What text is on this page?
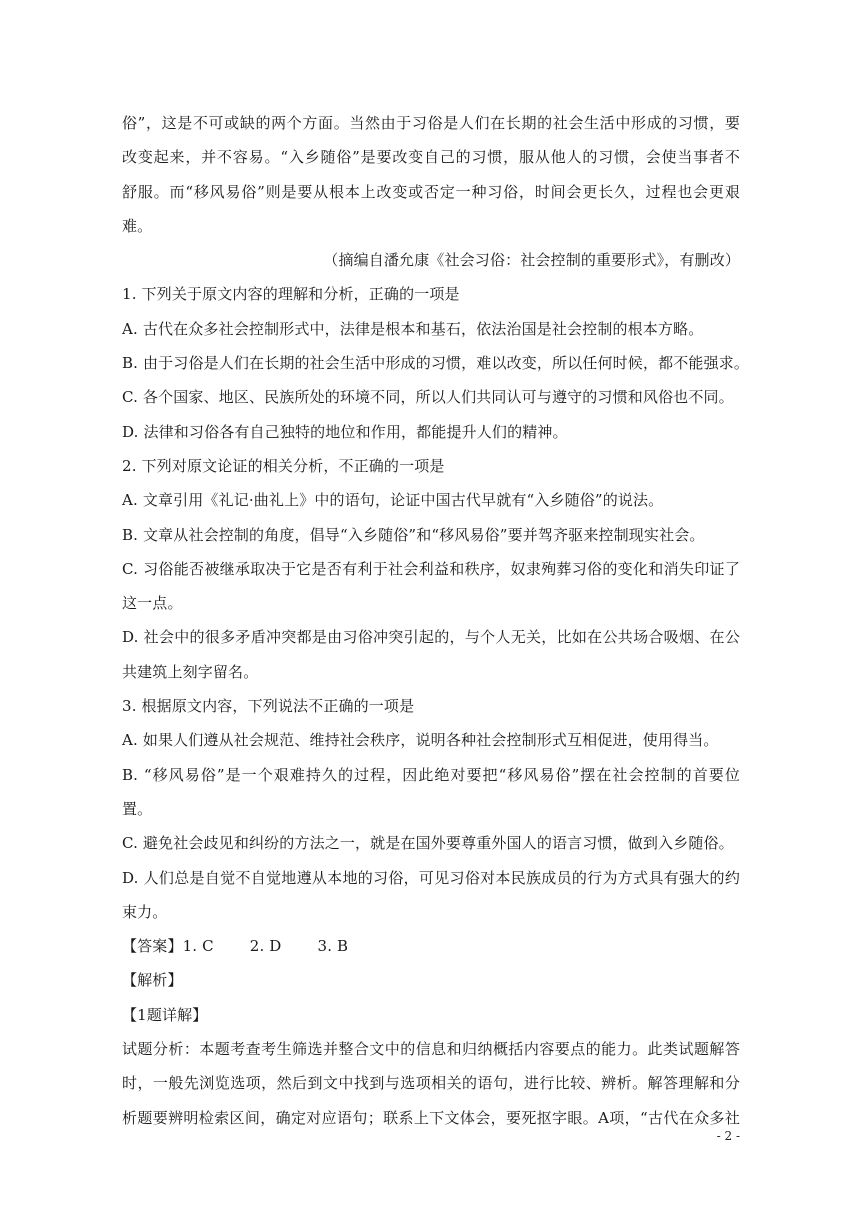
俗”，这是不可或缺的两个方面。当然由于习俗是人们在长期的社会生活中形成的习惯，要
改变起来，并不容易。“入乡随俗”是要改变自己的习惯，服从他人的习惯，会使当事者不
舒服。而“移风易俗”则是要从根本上改变或否定一种习俗，时间会更长久，过程也会更艰
难。
（摘编自潘允康《社会习俗：社会控制的重要形式》，有删改）
1. 下列关于原文内容的理解和分析，正确的一项是
A. 古代在众多社会控制形式中，法律是根本和基石，依法治国是社会控制的根本方略。
B. 由于习俗是人们在长期的社会生活中形成的习惯，难以改变，所以任何时候，都不能强求。
C. 各个国家、地区、民族所处的环境不同，所以人们共同认可与遵守的习惯和风俗也不同。
D. 法律和习俗各有自己独特的地位和作用，都能提升人们的精神。
2. 下列对原文论证的相关分析，不正确的一项是
A. 文章引用《礼记·曲礼上》中的语句，论证中国古代早就有“入乡随俗”的说法。
B. 文章从社会控制的角度，倡导“入乡随俗”和“移风易俗”要并驾齐驱来控制现实社会。
C. 习俗能否被继承取决于它是否有利于社会利益和秩序，奴隶殉葬习俗的变化和消失印证了
这一点。
D. 社会中的很多矛盾冲突都是由习俗冲突引起的，与个人无关，比如在公共场合吸烟、在公
共建筑上刻字留名。
3. 根据原文内容，下列说法不正确的一项是
A. 如果人们遵从社会规范、维持社会秩序，说明各种社会控制形式互相促进，使用得当。
B. “移风易俗”是一个艰难持久的过程，因此绝对要把“移风易俗”摆在社会控制的首要位
置。
C. 避免社会歧见和纠纷的方法之一，就是在国外要尊重外国人的语言习惯，做到入乡随俗。
D. 人们总是自觉不自觉地遵从本地的习俗，可见习俗对本民族成员的行为方式具有强大的约
束力。
【答案】1. C 2. D 3. B
【解析】
【1题详解】
试题分析：本题考查考生筛选并整合文中的信息和归纳概括内容要点的能力。此类试题解答
时，一般先浏览选项，然后到文中找到与选项相关的语句，进行比较、辨析。解答理解和分
析题要辨明检索区间，确定对应语句；联系上下文体会，要死抠字眼。A项，“古代在众多社
- 2 -
